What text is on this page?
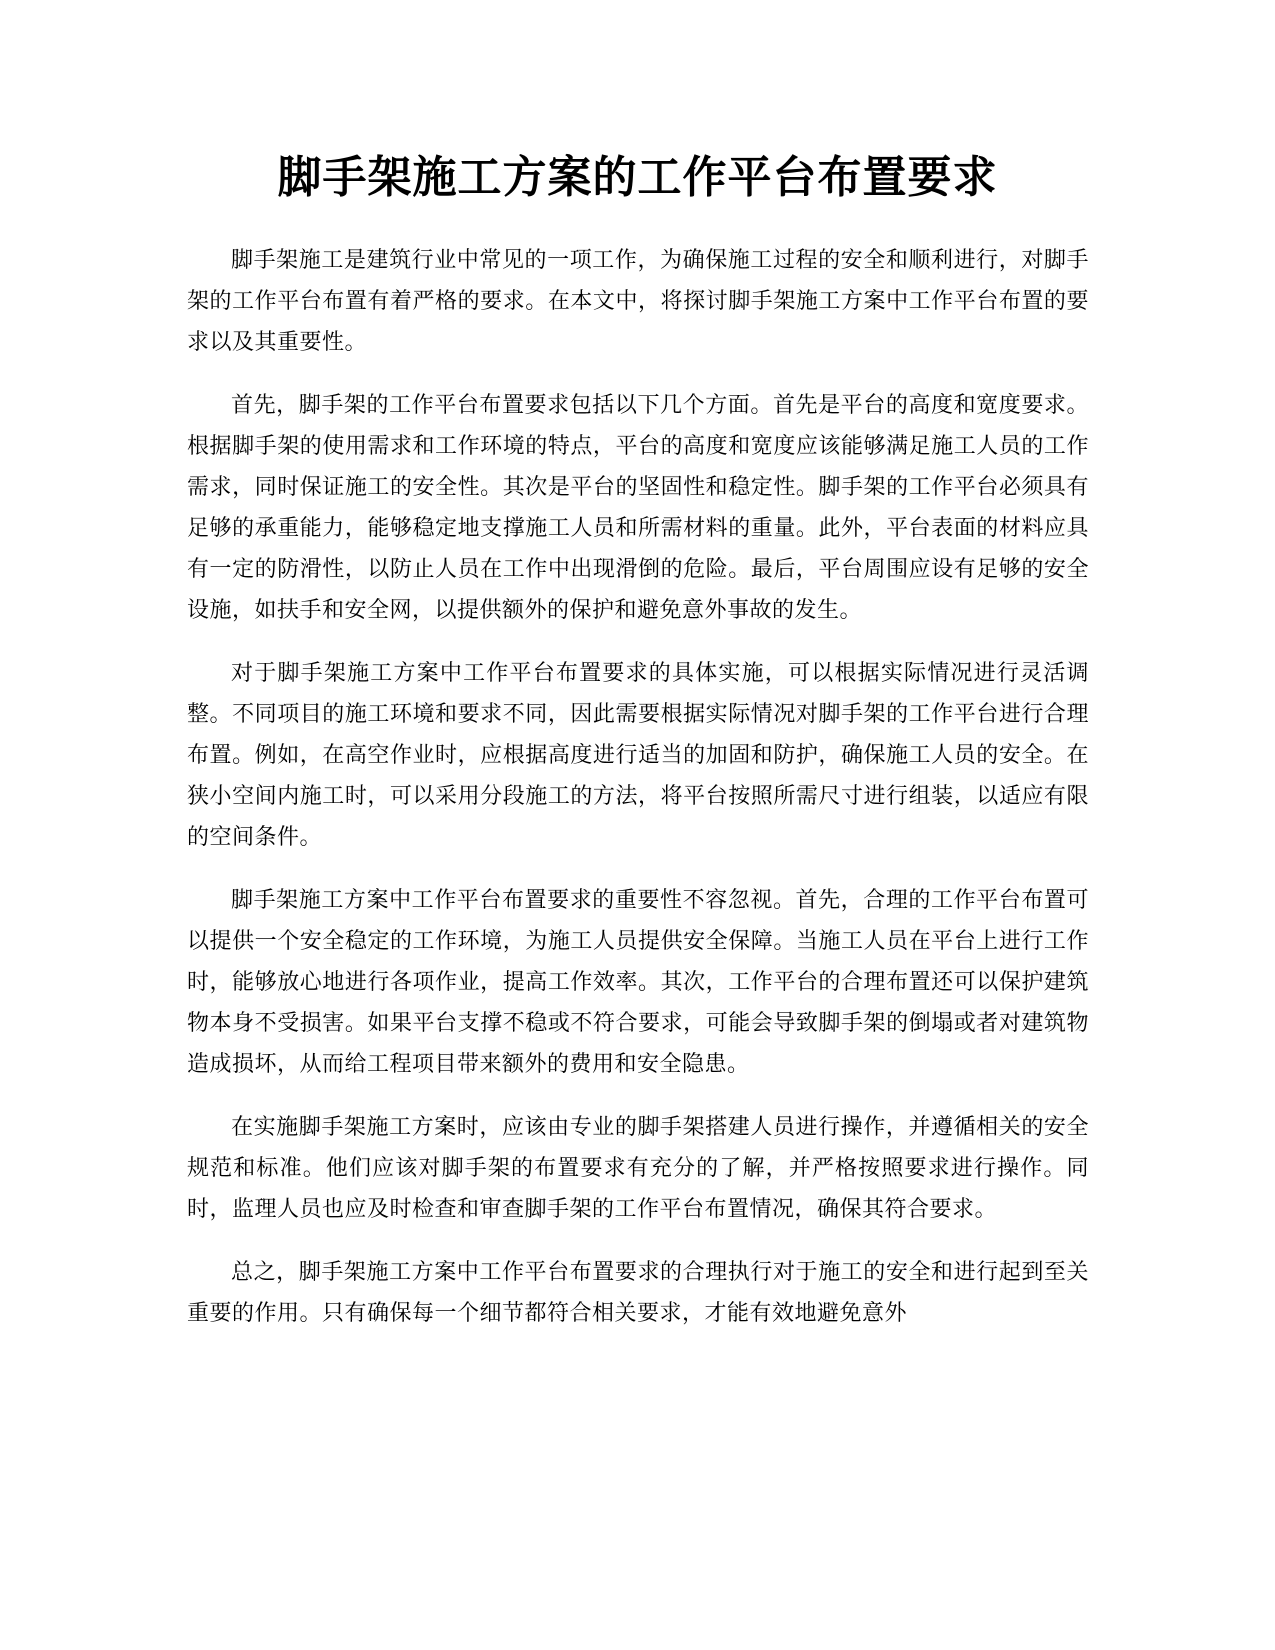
脚手架施工方案的工作平台布置要求

脚手架施工是建筑行业中常见的一项工作，为确保施工过程的安全和顺利进行，对脚手架的工作平台布置有着严格的要求。在本文中，将探讨脚手架施工方案中工作平台布置的要求以及其重要性。

首先，脚手架的工作平台布置要求包括以下几个方面。首先是平台的高度和宽度要求。根据脚手架的使用需求和工作环境的特点，平台的高度和宽度应该能够满足施工人员的工作需求，同时保证施工的安全性。其次是平台的坚固性和稳定性。脚手架的工作平台必须具有足够的承重能力，能够稳定地支撑施工人员和所需材料的重量。此外，平台表面的材料应具有一定的防滑性，以防止人员在工作中出现滑倒的危险。最后，平台周围应设有足够的安全设施，如扶手和安全网，以提供额外的保护和避免意外事故的发生。

对于脚手架施工方案中工作平台布置要求的具体实施，可以根据实际情况进行灵活调整。不同项目的施工环境和要求不同，因此需要根据实际情况对脚手架的工作平台进行合理布置。例如，在高空作业时，应根据高度进行适当的加固和防护，确保施工人员的安全。在狭小空间内施工时，可以采用分段施工的方法，将平台按照所需尺寸进行组装，以适应有限的空间条件。

脚手架施工方案中工作平台布置要求的重要性不容忽视。首先，合理的工作平台布置可以提供一个安全稳定的工作环境，为施工人员提供安全保障。当施工人员在平台上进行工作时，能够放心地进行各项作业，提高工作效率。其次，工作平台的合理布置还可以保护建筑物本身不受损害。如果平台支撑不稳或不符合要求，可能会导致脚手架的倒塌或者对建筑物造成损坏，从而给工程项目带来额外的费用和安全隐患。

在实施脚手架施工方案时，应该由专业的脚手架搭建人员进行操作，并遵循相关的安全规范和标准。他们应该对脚手架的布置要求有充分的了解，并严格按照要求进行操作。同时，监理人员也应及时检查和审查脚手架的工作平台布置情况，确保其符合要求。

总之，脚手架施工方案中工作平台布置要求的合理执行对于施工的安全和进行起到至关重要的作用。只有确保每一个细节都符合相关要求，才能有效地避免意外
